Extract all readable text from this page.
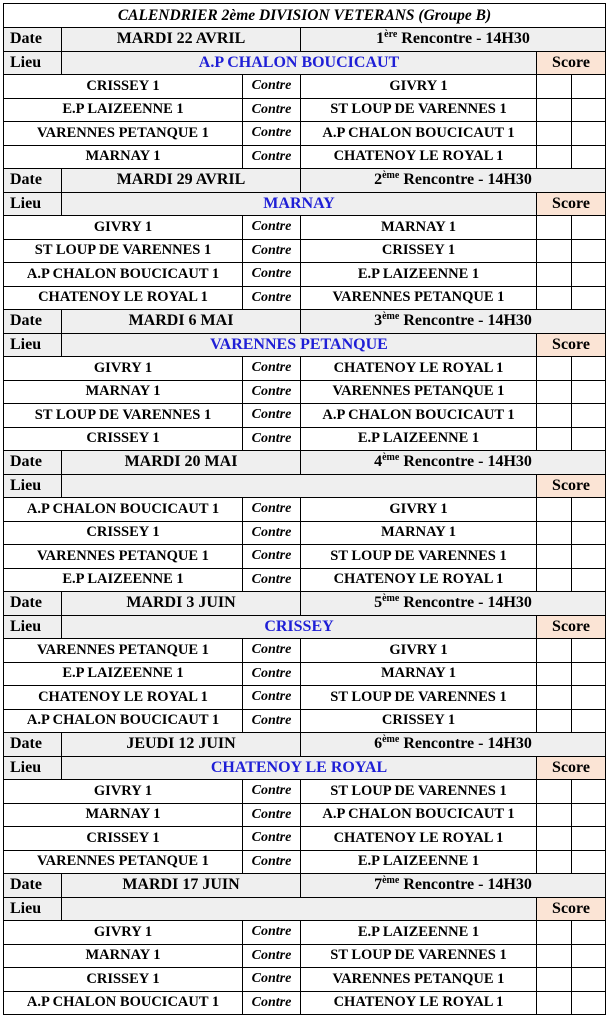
CALENDRIER 2ème DIVISION VETERANS (Groupe B)					
Date	MARDI 22 AVRIL		1ère Rencontre - 14H30		
Lieu	A.P CHALON BOUCICAUT			Score	
CRISSEY 1		Contre	GIVRY 1		
E.P LAIZEENNE 1		Contre	ST LOUP DE VARENNES 1		
VARENNES PETANQUE 1		Contre	A.P CHALON BOUCICAUT 1		
MARNAY 1		Contre	CHATENOY LE ROYAL 1		
Date	MARDI 29 AVRIL		2ème Rencontre - 14H30		
Lieu	MARNAY			Score	
GIVRY 1		Contre	MARNAY 1		
ST LOUP DE VARENNES 1		Contre	CRISSEY 1		
A.P CHALON BOUCICAUT 1		Contre	E.P LAIZEENNE 1		
CHATENOY LE ROYAL 1		Contre	VARENNES PETANQUE 1		
Date	MARDI 6 MAI		3ème Rencontre - 14H30		
Lieu	VARENNES PETANQUE			Score	
GIVRY 1		Contre	CHATENOY LE ROYAL 1		
MARNAY 1		Contre	VARENNES PETANQUE 1		
ST LOUP DE VARENNES 1		Contre	A.P CHALON BOUCICAUT 1		
CRISSEY 1		Contre	E.P LAIZEENNE 1		
Date	MARDI 20 MAI		4ème Rencontre - 14H30		
Lieu				Score	
A.P CHALON BOUCICAUT 1		Contre	GIVRY 1		
CRISSEY 1		Contre	MARNAY 1		
VARENNES PETANQUE 1		Contre	ST LOUP DE VARENNES 1		
E.P LAIZEENNE 1		Contre	CHATENOY LE ROYAL 1		
Date	MARDI 3 JUIN		5ème Rencontre - 14H30		
Lieu	CRISSEY			Score	
VARENNES PETANQUE 1		Contre	GIVRY 1		
E.P LAIZEENNE 1		Contre	MARNAY 1		
CHATENOY LE ROYAL 1		Contre	ST LOUP DE VARENNES 1		
A.P CHALON BOUCICAUT 1		Contre	CRISSEY 1		
Date	JEUDI 12 JUIN		6ème Rencontre - 14H30		
Lieu	CHATENOY LE ROYAL			Score	
GIVRY 1		Contre	ST LOUP DE VARENNES 1		
MARNAY 1		Contre	A.P CHALON BOUCICAUT 1		
CRISSEY 1		Contre	CHATENOY LE ROYAL 1		
VARENNES PETANQUE 1		Contre	E.P LAIZEENNE 1		
Date	MARDI 17 JUIN		7ème Rencontre - 14H30		
Lieu				Score	
GIVRY 1		Contre	E.P LAIZEENNE 1		
MARNAY 1		Contre	ST LOUP DE VARENNES 1		
CRISSEY 1		Contre	VARENNES PETANQUE 1		
A.P CHALON BOUCICAUT 1		Contre	CHATENOY LE ROYAL 1		
